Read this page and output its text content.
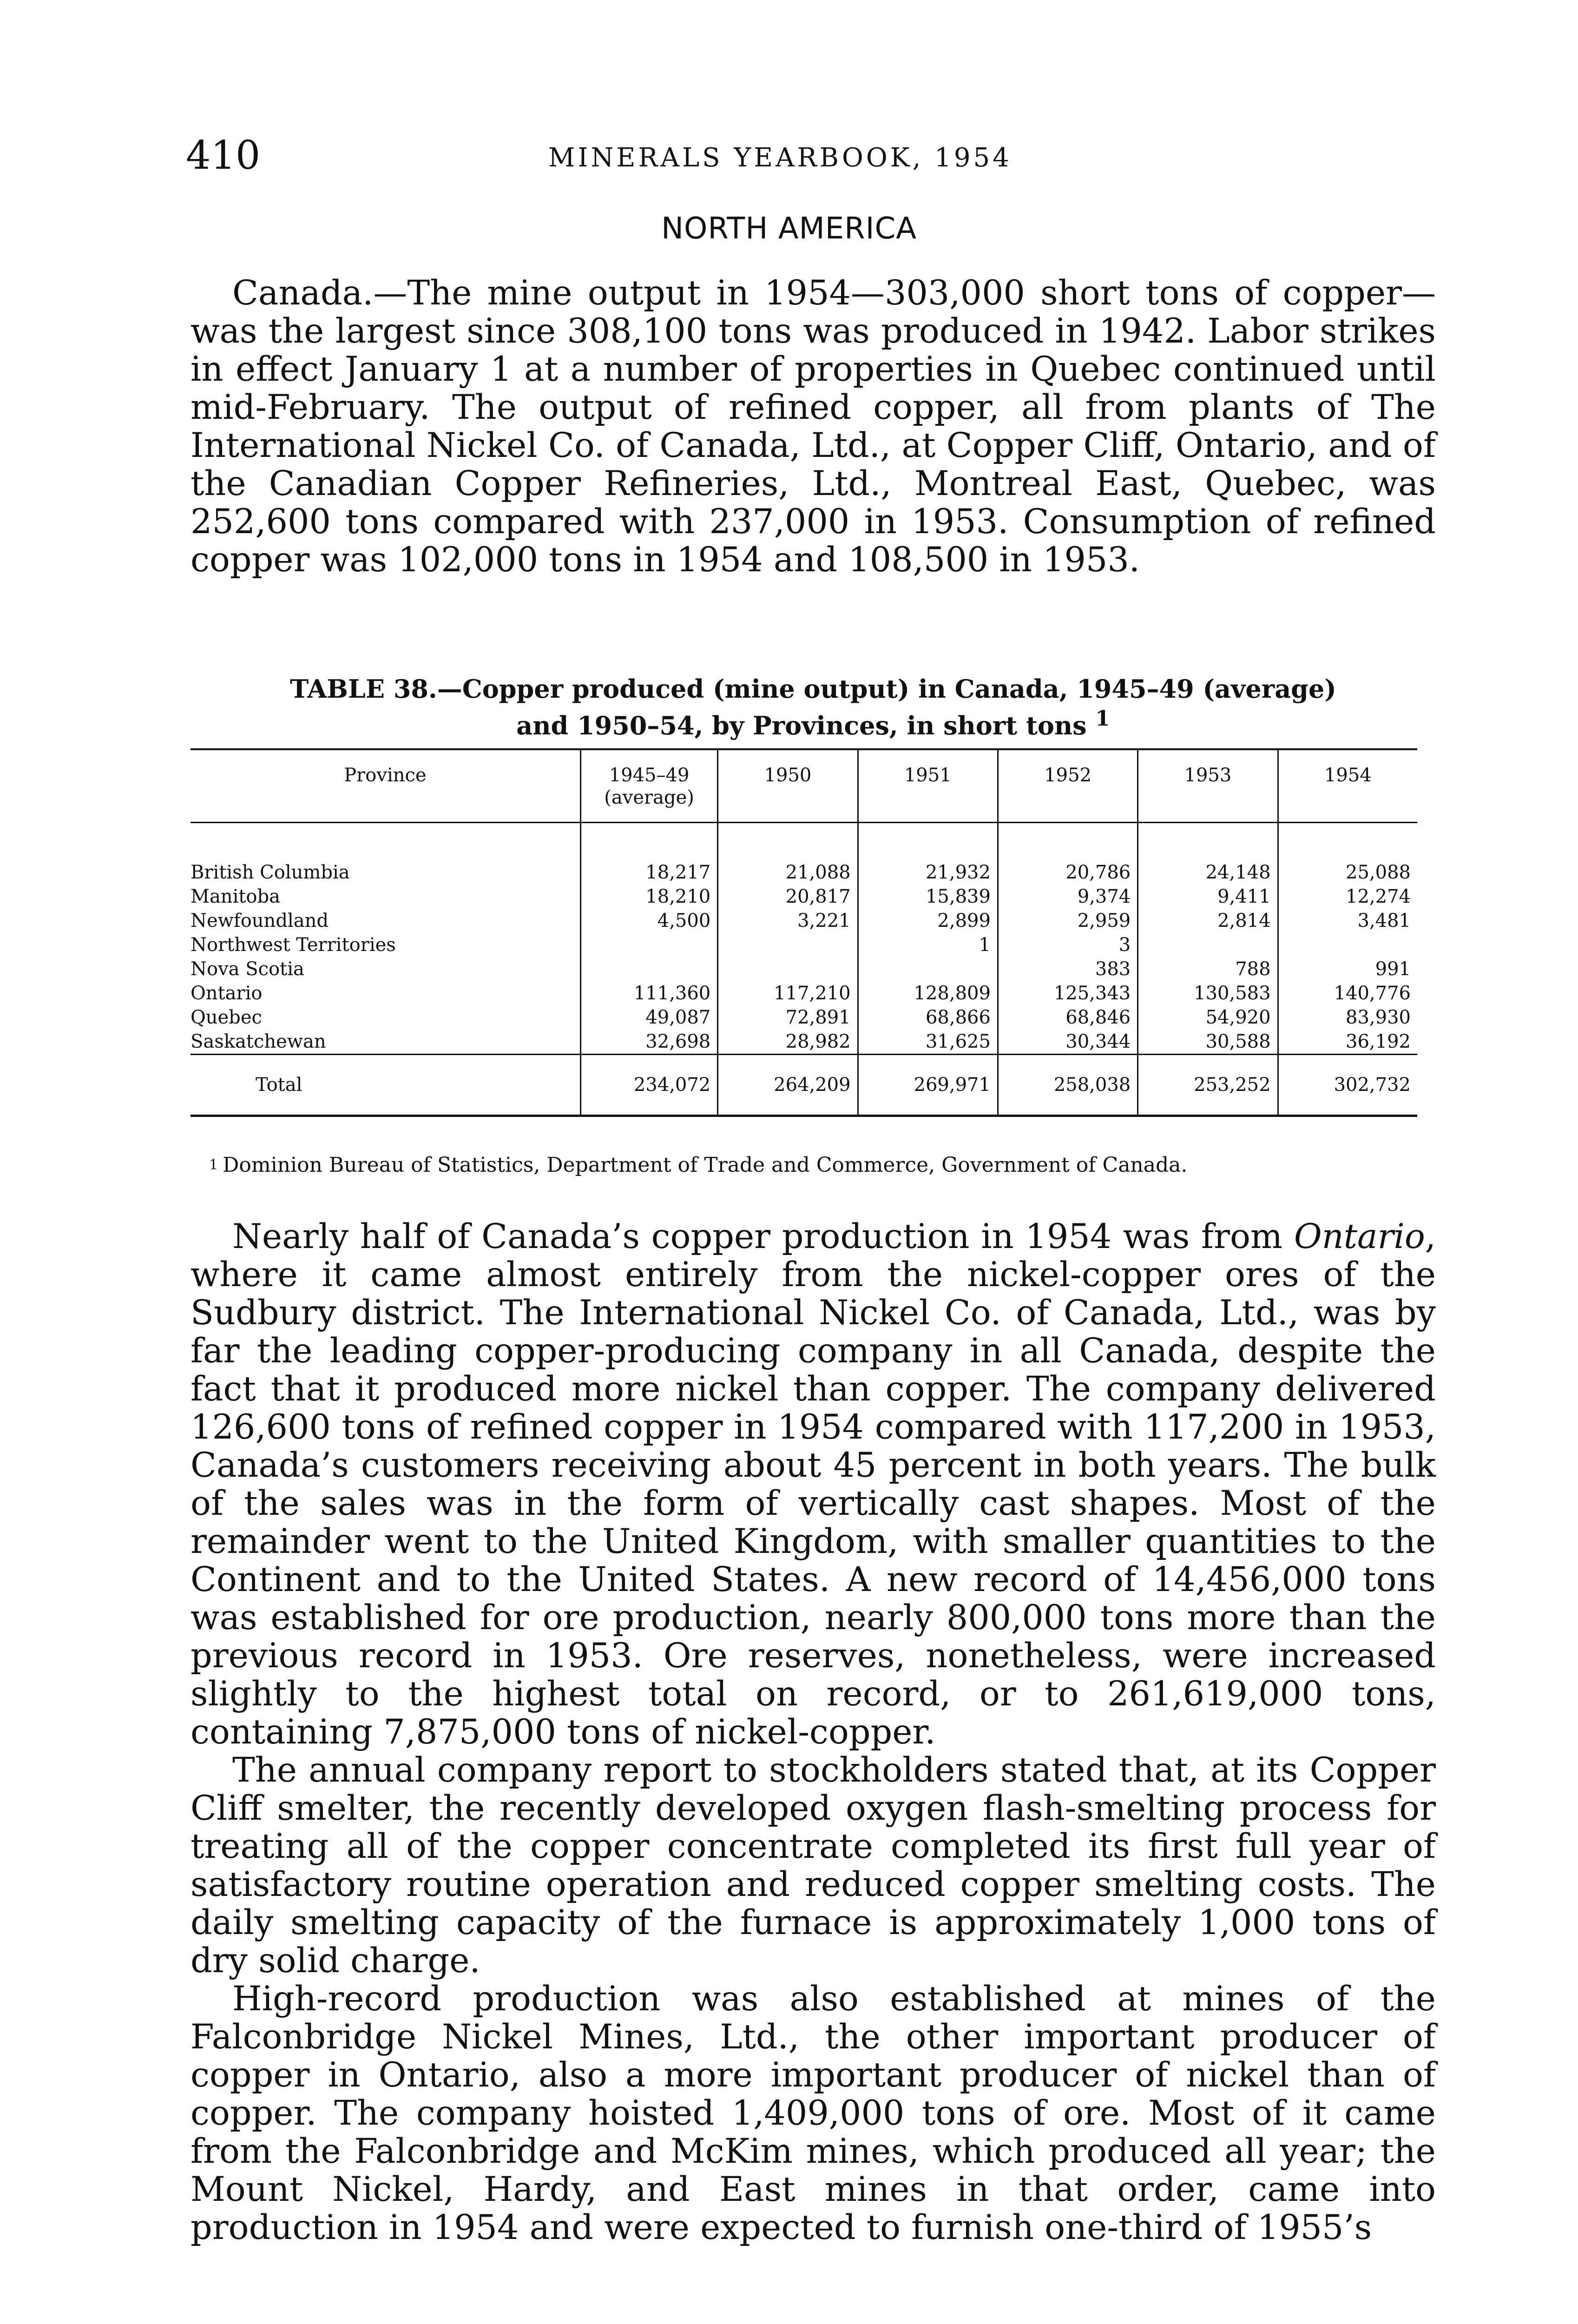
410	MINERALS YEARBOOK, 1954
NORTH AMERICA

Canada.—The mine output in 1954—303,000 short tons of copper—was the largest since 308,100 tons was produced in 1942. Labor strikes in effect January 1 at a number of properties in Quebec continued until mid-February. The output of refined copper, all from plants of The International Nickel Co. of Canada, Ltd., at Copper Cliff, Ontario, and of the Canadian Copper Refineries, Ltd., Montreal East, Quebec, was 252,600 tons compared with 237,000 in 1953. Consumption of refined copper was 102,000 tons in 1954 and 108,500 in 1953.

TABLE 38.—Copper produced (mine output) in Canada, 1945–49 (average)
and 1950–54, by Provinces, in short tons $^1$
Province	1945–49 (average)	1950	1951	1952	1953	1954
British Columbia	18,217	21,088	21,932	20,786	24,148	25,088
Manitoba	18,210	20,817	15,839	9,374	9,411	12,274
Newfoundland	4,500	3,221	2,899	2,959	2,814	3,481
Northwest Territories			1	3		
Nova Scotia				383	788	991
Ontario	111,360	117,210	128,809	125,343	130,583	140,776
Quebec	49,087	72,891	68,866	68,846	54,920	83,930
Saskatchewan	32,698	28,982	31,625	30,344	30,588	36,192
Total	234,072	264,209	269,971	258,038	253,252	302,732
$^1$ Dominion Bureau of Statistics, Department of Trade and Commerce, Government of Canada.

Nearly half of Canada’s copper production in 1954 was from Ontario, where it came almost entirely from the nickel-copper ores of the Sudbury district. The International Nickel Co. of Canada, Ltd., was by far the leading copper-producing company in all Canada, despite the fact that it produced more nickel than copper. The company delivered 126,600 tons of refined copper in 1954 compared with 117,200 in 1953, Canada’s customers receiving about 45 percent in both years. The bulk of the sales was in the form of vertically cast shapes. Most of the remainder went to the United Kingdom, with smaller quantities to the Continent and to the United States. A new record of 14,456,000 tons was established for ore production, nearly 800,000 tons more than the previous record in 1953. Ore reserves, nonetheless, were increased slightly to the highest total on record, or to 261,619,000 tons, containing 7,875,000 tons of nickel-copper.

The annual company report to stockholders stated that, at its Copper Cliff smelter, the recently developed oxygen flash-smelting process for treating all of the copper concentrate completed its first full year of satisfactory routine operation and reduced copper smelting costs. The daily smelting capacity of the furnace is approximately 1,000 tons of dry solid charge.

High-record production was also established at mines of the Falconbridge Nickel Mines, Ltd., the other important producer of copper in Ontario, also a more important producer of nickel than of copper. The company hoisted 1,409,000 tons of ore. Most of it came from the Falconbridge and McKim mines, which produced all year; the Mount Nickel, Hardy, and East mines in that order, came into production in 1954 and were expected to furnish one-third of 1955’s
